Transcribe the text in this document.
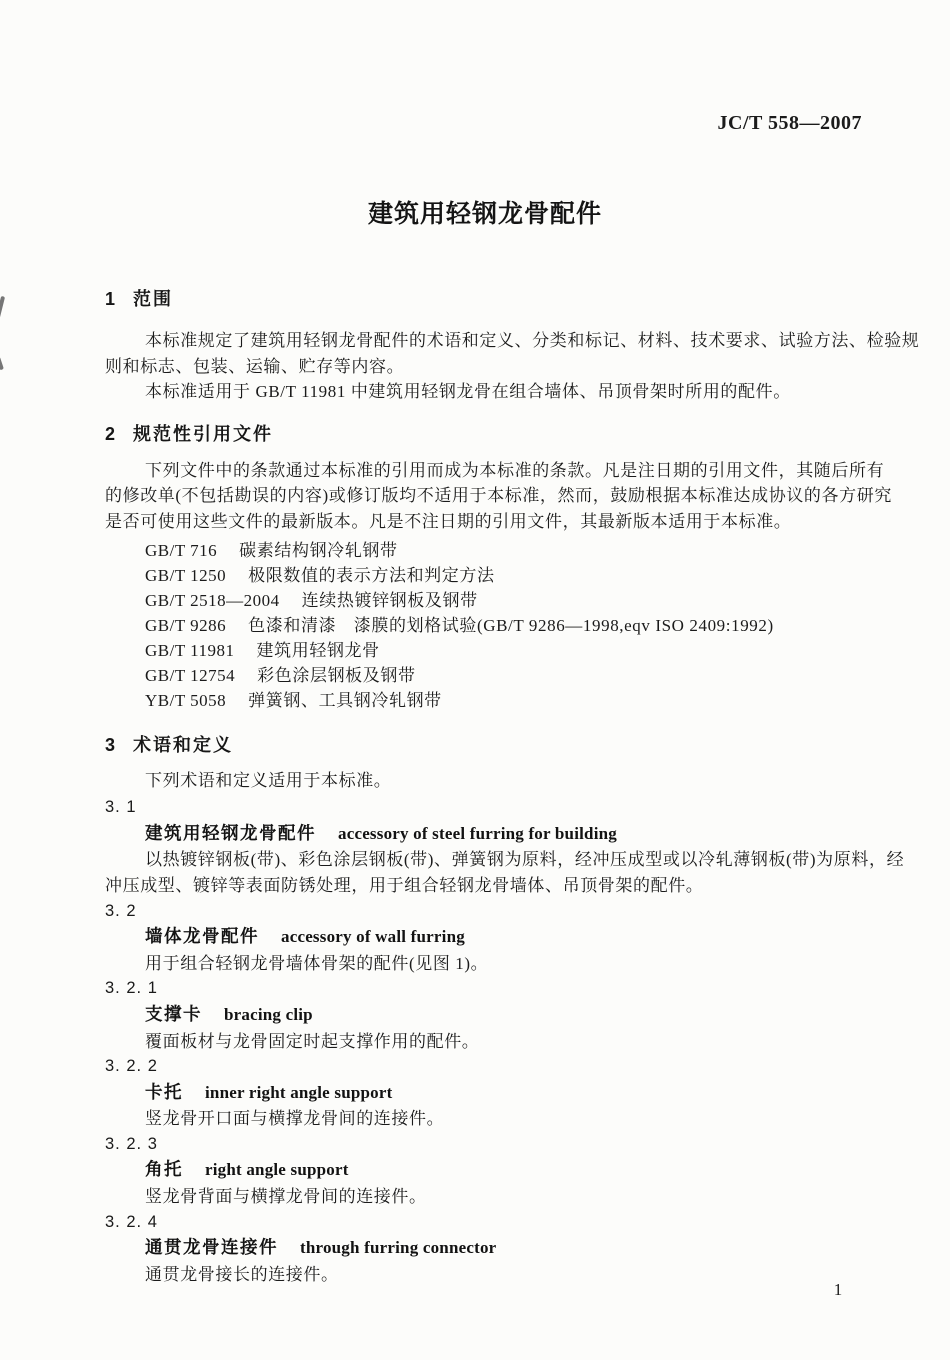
JC/T 558—2007
建筑用轻钢龙骨配件
1 范围
本标准规定了建筑用轻钢龙骨配件的术语和定义、分类和标记、材料、技术要求、试验方法、检验规
则和标志、包装、运输、贮存等内容。
本标准适用于 GB/T 11981 中建筑用轻钢龙骨在组合墙体、吊顶骨架时所用的配件。
2 规范性引用文件
下列文件中的条款通过本标准的引用而成为本标准的条款。凡是注日期的引用文件，其随后所有
的修改单(不包括勘误的内容)或修订版均不适用于本标准，然而，鼓励根据本标准达成协议的各方研究
是否可使用这些文件的最新版本。凡是不注日期的引用文件，其最新版本适用于本标准。
GB/T 716 碳素结构钢冷轧钢带
GB/T 1250 极限数值的表示方法和判定方法
GB/T 2518—2004 连续热镀锌钢板及钢带
GB/T 9286 色漆和清漆　漆膜的划格试验(GB/T 9286—1998,eqv ISO 2409:1992)
GB/T 11981 建筑用轻钢龙骨
GB/T 12754 彩色涂层钢板及钢带
YB/T 5058 弹簧钢、工具钢冷轧钢带
3 术语和定义
下列术语和定义适用于本标准。
3. 1
建筑用轻钢龙骨配件 accessory of steel furring for building
以热镀锌钢板(带)、彩色涂层钢板(带)、弹簧钢为原料，经冲压成型或以冷轧薄钢板(带)为原料，经
冲压成型、镀锌等表面防锈处理，用于组合轻钢龙骨墙体、吊顶骨架的配件。
3. 2
墙体龙骨配件 accessory of wall furring
用于组合轻钢龙骨墙体骨架的配件(见图 1)。
3. 2. 1
支撑卡 bracing clip
覆面板材与龙骨固定时起支撑作用的配件。
3. 2. 2
卡托 inner right angle support
竖龙骨开口面与横撑龙骨间的连接件。
3. 2. 3
角托 right angle support
竖龙骨背面与横撑龙骨间的连接件。
3. 2. 4
通贯龙骨连接件 through furring connector
通贯龙骨接长的连接件。
1
